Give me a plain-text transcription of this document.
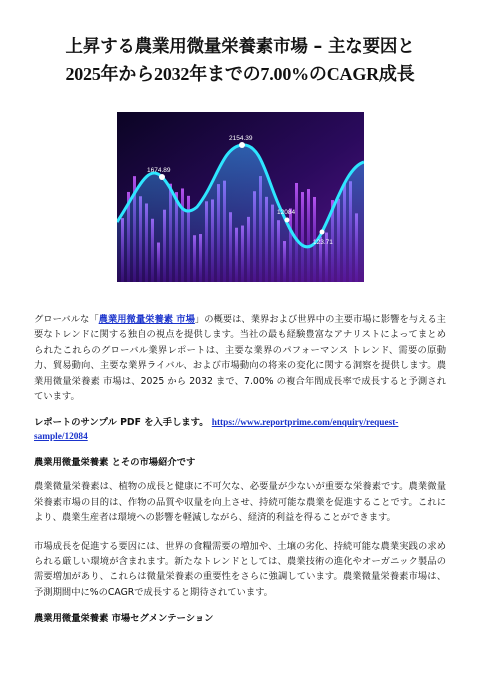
上昇する農業用微量栄養素市場 – 主な要因と
2025年から2032年までの7.00%のCAGR成長
1674.89
2154.39
12084
123.71

グローバルな「農業用微量栄養素 市場」の概要は、業界および世界中の主要市場に影響を与える主要なトレンドに関する独自の視点を提供します。当社の最も経験豊富なアナリストによってまとめられたこれらのグローバル業界レポートは、主要な業界のパフォーマンス トレンド、需要の原動力、貿易動向、主要な業界ライバル、および市場動向の将来の変化に関する洞察を提供します。農業用微量栄養素 市場は、2025 から 2032 まで、7.00% の複合年間成長率で成長すると予測されています。

レポートのサンプル PDF を入手します。 https://www.reportprime.com/enquiry/request-sample/12084

農業用微量栄養素 とその市場紹介です

農業微量栄養素は、植物の成長と健康に不可欠な、必要量が少ないが重要な栄養素です。農業微量栄養素市場の目的は、作物の品質や収量を向上させ、持続可能な農業を促進することです。これにより、農業生産者は環境への影響を軽減しながら、経済的利益を得ることができます。

市場成長を促進する要因には、世界の食糧需要の増加や、土壌の劣化、持続可能な農業実践の求められる厳しい環境が含まれます。新たなトレンドとしては、農業技術の進化やオーガニック製品の需要増加があり、これらは微量栄養素の重要性をさらに強調しています。農業微量栄養素市場は、予測期間中に%のCAGRで成長すると期待されています。

農業用微量栄養素 市場セグメンテーション
